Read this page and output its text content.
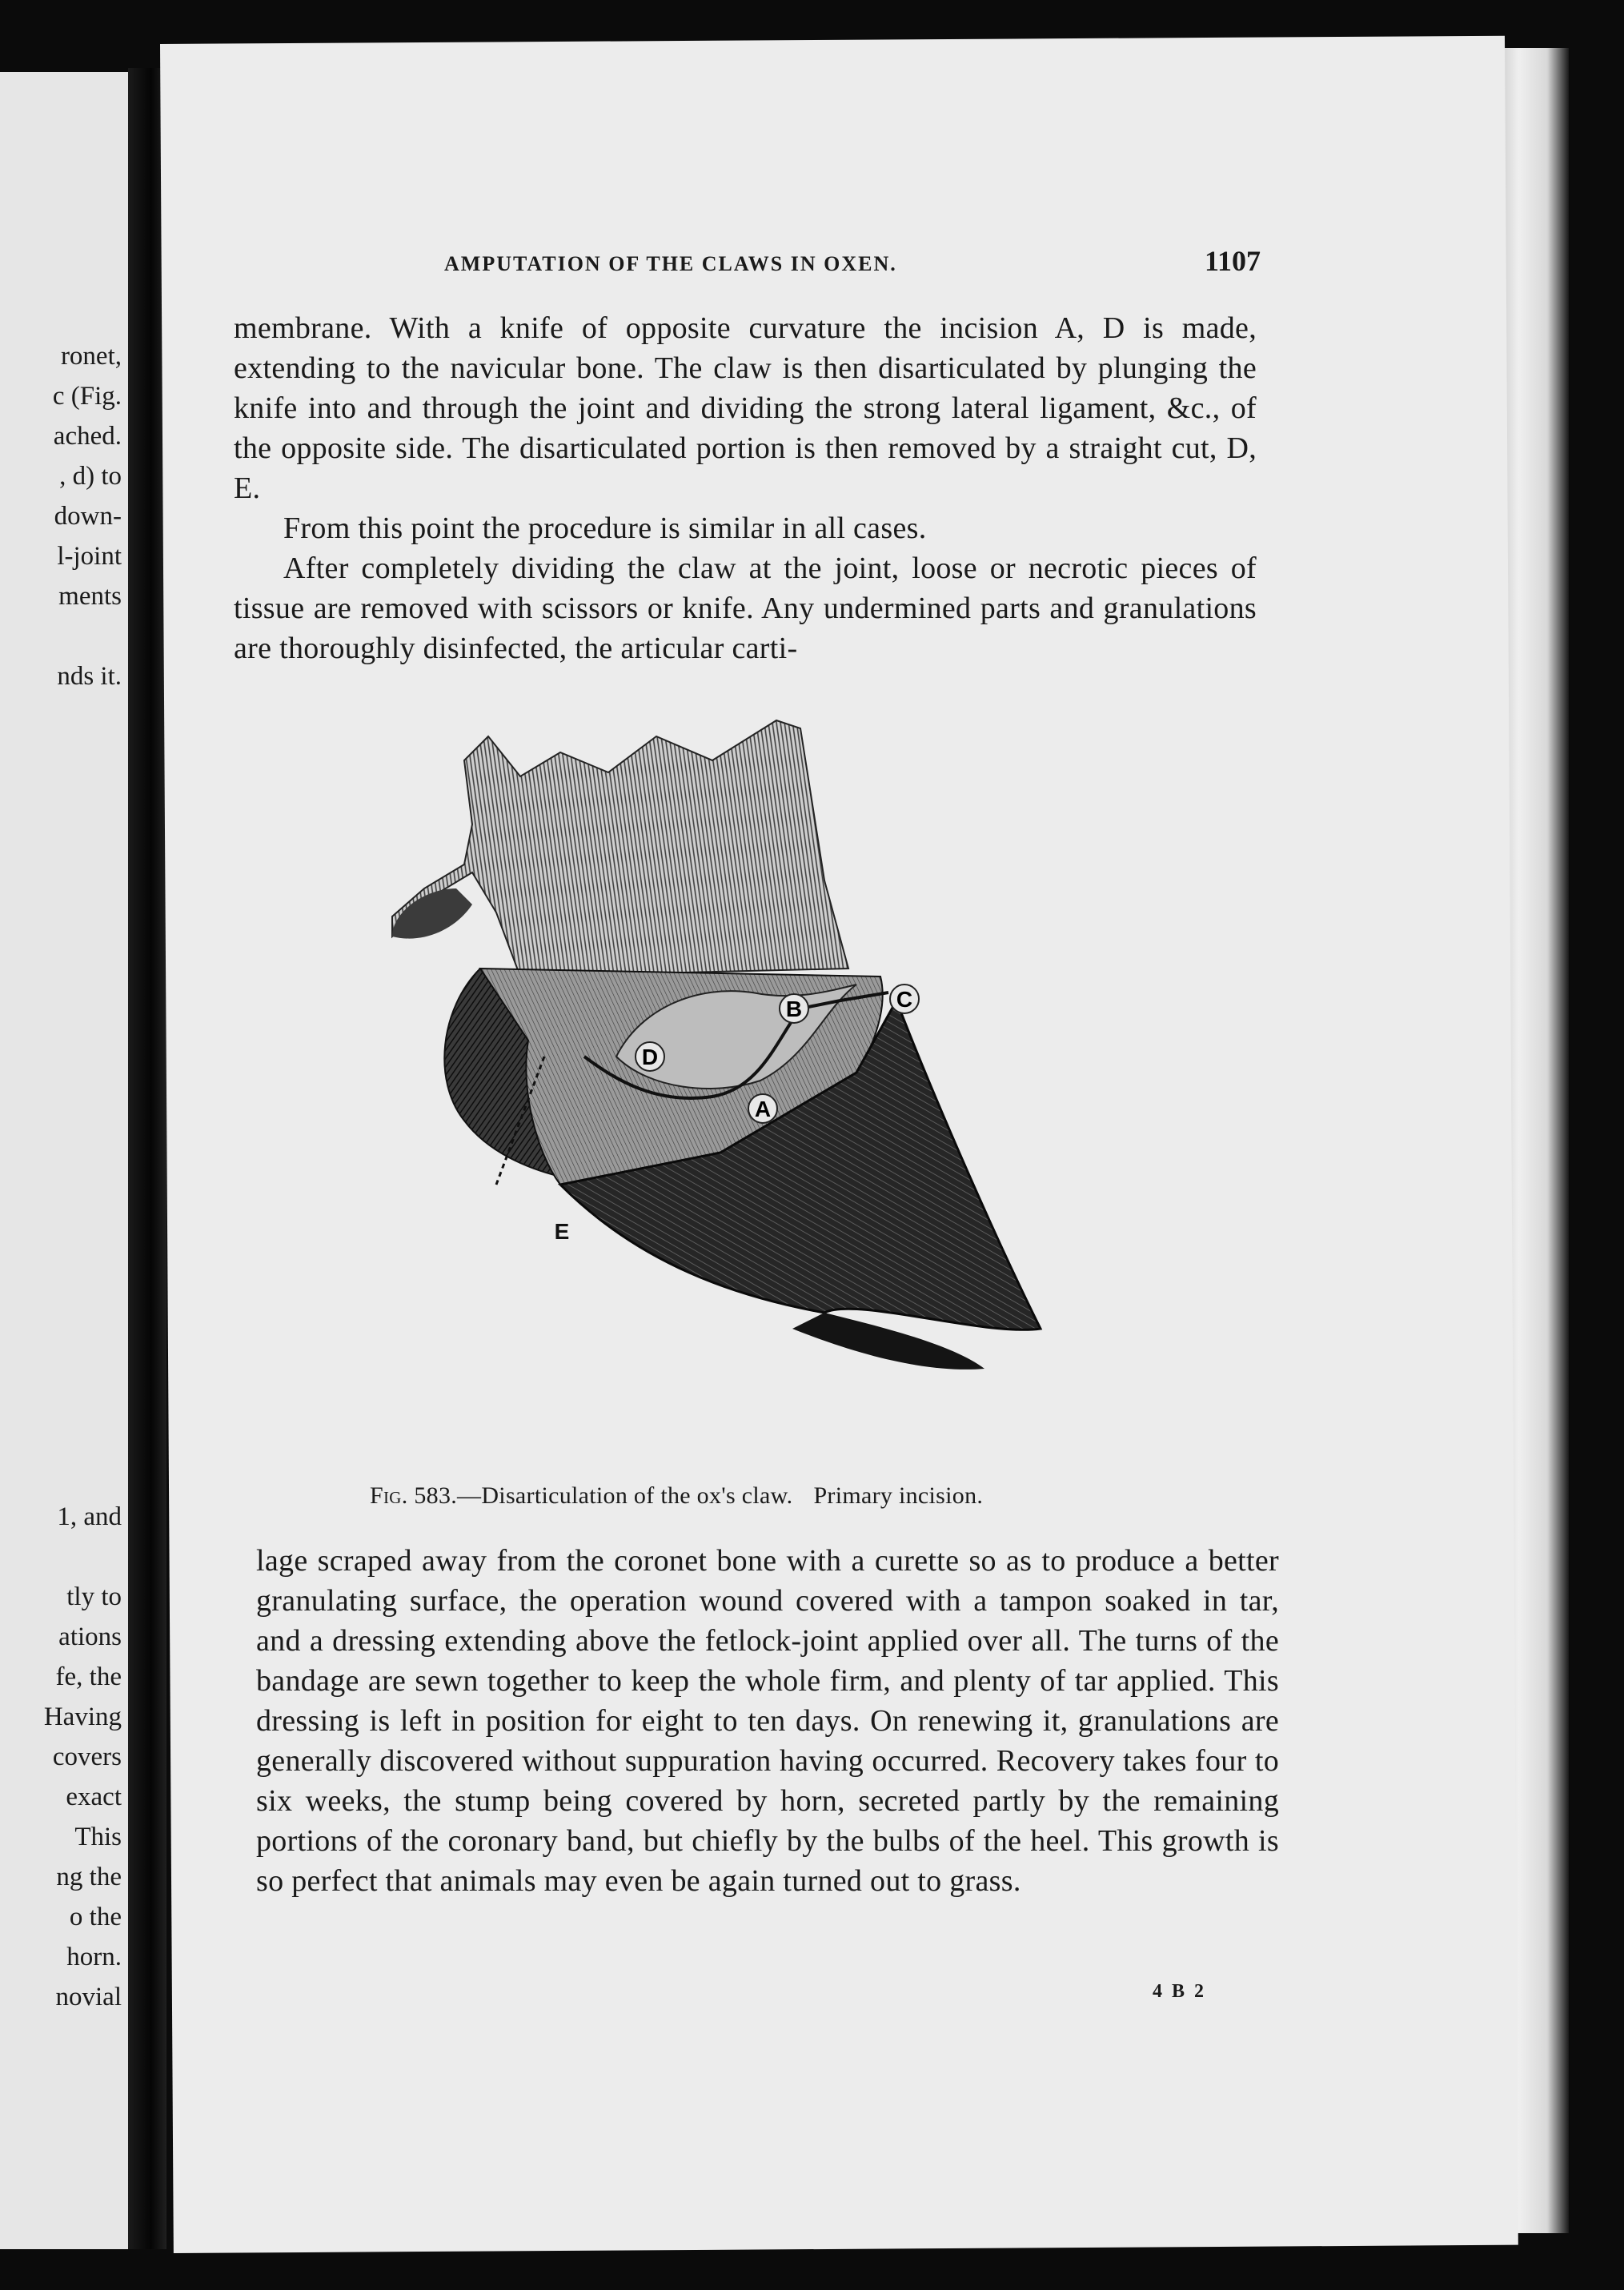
ronet,
c (Fig.
ached.
, d) to
down-
l-joint
ments
nds it.
1, and
tly to
ations
fe, the
Having
covers
exact
This
ng the
o the
horn.
novial
AMPUTATION OF THE CLAWS IN OXEN.	1107

membrane. With a knife of opposite curvature the incision A, D is made, extending to the navicular bone. The claw is then disarticulated by plunging the knife into and through the joint and dividing the strong lateral ligament, &c., of the opposite side. The disarticulated portion is then removed by a straight cut, D, E.

From this point the procedure is similar in all cases.

After completely dividing the claw at the joint, loose or necrotic pieces of tissue are removed with scissors or knife. Any undermined parts and granulations are thoroughly disinfected, the articular carti-

B	C
D
A
E
Fig. 583.—Disarticulation of the ox's claw. Primary incision.

lage scraped away from the coronet bone with a curette so as to produce a better granulating surface, the operation wound covered with a tampon soaked in tar, and a dressing extending above the fetlock-joint applied over all. The turns of the bandage are sewn together to keep the whole firm, and plenty of tar applied. This dressing is left in position for eight to ten days. On renewing it, granulations are generally discovered without suppuration having occurred. Recovery takes four to six weeks, the stump being covered by horn, secreted partly by the remaining portions of the coronary band, but chiefly by the bulbs of the heel. This growth is so perfect that animals may even be again turned out to grass.

4 B 2
